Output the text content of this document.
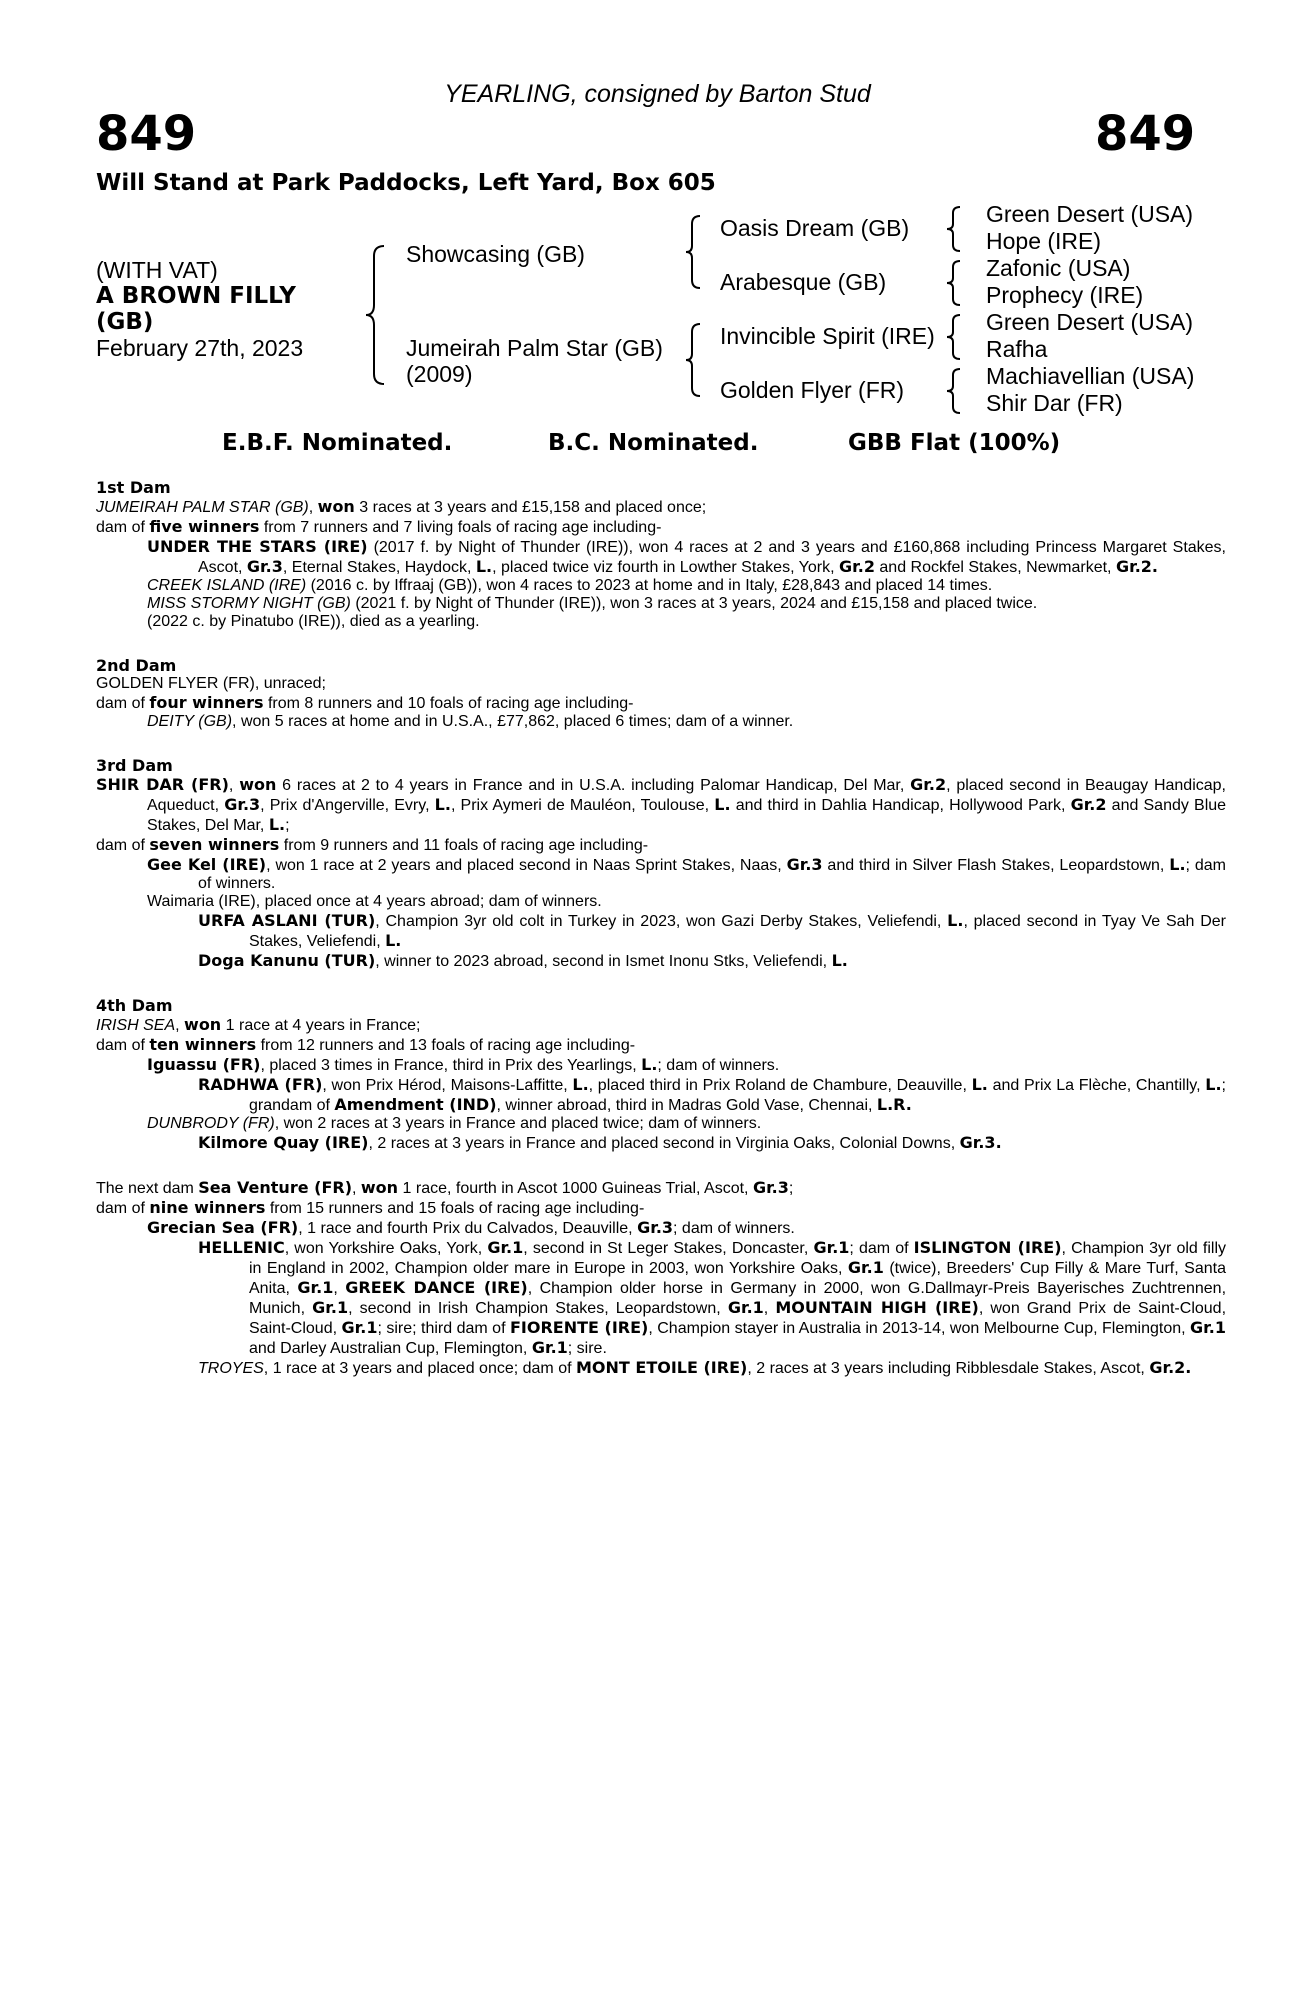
YEARLING, consigned by Barton Stud
849	849
Will Stand at Park Paddocks, Left Yard, Box 605
(WITH VAT)
A BROWN FILLY
(GB)
February 27th, 2023
Showcasing (GB)
Jumeirah Palm Star (GB)
(2009)
Oasis Dream (GB)
Arabesque (GB)
Invincible Spirit (IRE)
Golden Flyer (FR)
Green Desert (USA)
Hope (IRE)
Zafonic (USA)
Prophecy (IRE)
Green Desert (USA)
Rafha
Machiavellian (USA)
Shir Dar (FR)
E.B.F. Nominated.	B.C. Nominated.	GBB Flat (100%)
1st Dam
JUMEIRAH PALM STAR (GB), won 3 races at 3 years and £15,158 and placed once;
dam of five winners from 7 runners and 7 living foals of racing age including-
UNDER THE STARS (IRE) (2017 f. by Night of Thunder (IRE)), won 4 races at 2 and 3 years and £160,868 including Princess Margaret Stakes, Ascot, Gr.3, Eternal Stakes, Haydock, L., placed twice viz fourth in Lowther Stakes, York, Gr.2 and Rockfel Stakes, Newmarket, Gr.2.
CREEK ISLAND (IRE) (2016 c. by Iffraaj (GB)), won 4 races to 2023 at home and in Italy, £28,843 and placed 14 times.
MISS STORMY NIGHT (GB) (2021 f. by Night of Thunder (IRE)), won 3 races at 3 years, 2024 and £15,158 and placed twice.
(2022 c. by Pinatubo (IRE)), died as a yearling.
2nd Dam
GOLDEN FLYER (FR), unraced;
dam of four winners from 8 runners and 10 foals of racing age including-
DEITY (GB), won 5 races at home and in U.S.A., £77,862, placed 6 times; dam of a winner.
3rd Dam
SHIR DAR (FR), won 6 races at 2 to 4 years in France and in U.S.A. including Palomar Handicap, Del Mar, Gr.2, placed second in Beaugay Handicap, Aqueduct, Gr.3, Prix d'Angerville, Evry, L., Prix Aymeri de Mauléon, Toulouse, L. and third in Dahlia Handicap, Hollywood Park, Gr.2 and Sandy Blue Stakes, Del Mar, L.;
dam of seven winners from 9 runners and 11 foals of racing age including-
Gee Kel (IRE), won 1 race at 2 years and placed second in Naas Sprint Stakes, Naas, Gr.3 and third in Silver Flash Stakes, Leopardstown, L.; dam of winners.
Waimaria (IRE), placed once at 4 years abroad; dam of winners.
URFA ASLANI (TUR), Champion 3yr old colt in Turkey in 2023, won Gazi Derby Stakes, Veliefendi, L., placed second in Tyay Ve Sah Der Stakes, Veliefendi, L.
Doga Kanunu (TUR), winner to 2023 abroad, second in Ismet Inonu Stks, Veliefendi, L.
4th Dam
IRISH SEA, won 1 race at 4 years in France;
dam of ten winners from 12 runners and 13 foals of racing age including-
Iguassu (FR), placed 3 times in France, third in Prix des Yearlings, L.; dam of winners.
RADHWA (FR), won Prix Hérod, Maisons-Laffitte, L., placed third in Prix Roland de Chambure, Deauville, L. and Prix La Flèche, Chantilly, L.; grandam of Amendment (IND), winner abroad, third in Madras Gold Vase, Chennai, L.R.
DUNBRODY (FR), won 2 races at 3 years in France and placed twice; dam of winners.
Kilmore Quay (IRE), 2 races at 3 years in France and placed second in Virginia Oaks, Colonial Downs, Gr.3.
The next dam Sea Venture (FR), won 1 race, fourth in Ascot 1000 Guineas Trial, Ascot, Gr.3;
dam of nine winners from 15 runners and 15 foals of racing age including-
Grecian Sea (FR), 1 race and fourth Prix du Calvados, Deauville, Gr.3; dam of winners.
HELLENIC, won Yorkshire Oaks, York, Gr.1, second in St Leger Stakes, Doncaster, Gr.1; dam of ISLINGTON (IRE), Champion 3yr old filly in England in 2002, Champion older mare in Europe in 2003, won Yorkshire Oaks, Gr.1 (twice), Breeders' Cup Filly & Mare Turf, Santa Anita, Gr.1, GREEK DANCE (IRE), Champion older horse in Germany in 2000, won G.Dallmayr-Preis Bayerisches Zuchtrennen, Munich, Gr.1, second in Irish Champion Stakes, Leopardstown, Gr.1, MOUNTAIN HIGH (IRE), won Grand Prix de Saint-Cloud, Saint-Cloud, Gr.1; sire; third dam of FIORENTE (IRE), Champion stayer in Australia in 2013-14, won Melbourne Cup, Flemington, Gr.1 and Darley Australian Cup, Flemington, Gr.1; sire.
TROYES, 1 race at 3 years and placed once; dam of MONT ETOILE (IRE), 2 races at 3 years including Ribblesdale Stakes, Ascot, Gr.2.
